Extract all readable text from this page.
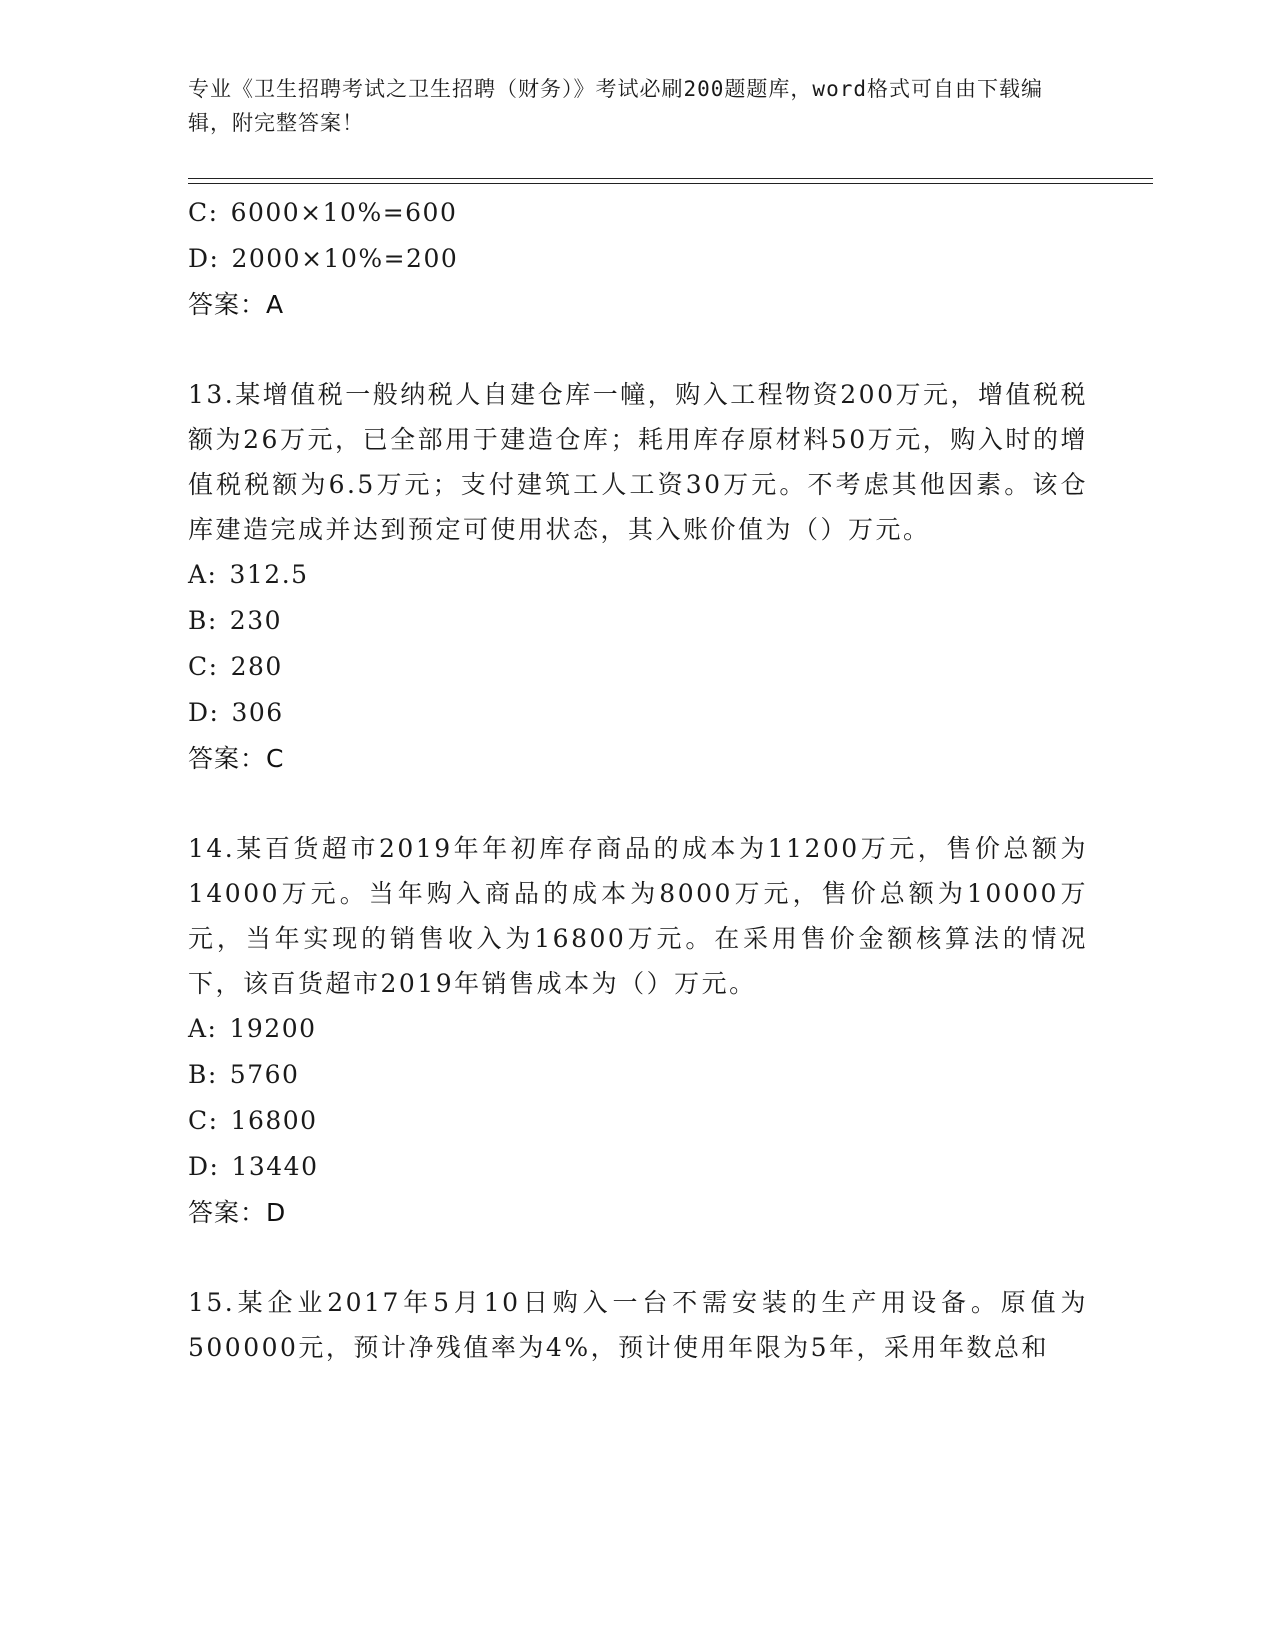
专业《卫生招聘考试之卫生招聘（财务）》考试必刷200题题库，word格式可自由下载编辑，附完整答案！
C: 6000×10%=600
D: 2000×10%=200
答案：A
13.某增值税一般纳税人自建仓库一幢，购入工程物资200万元，增值税税额为26万元，已全部用于建造仓库；耗用库存原材料50万元，购入时的增值税税额为6.5万元；支付建筑工人工资30万元。不考虑其他因素。该仓库建造完成并达到预定可使用状态，其入账价值为（）万元。
A: 312.5
B: 230
C: 280
D: 306
答案：C
14.某百货超市2019年年初库存商品的成本为11200万元，售价总额为14000万元。当年购入商品的成本为8000万元，售价总额为10000万元，当年实现的销售收入为16800万元。在采用售价金额核算法的情况下，该百货超市2019年销售成本为（）万元。
A: 19200
B: 5760
C: 16800
D: 13440
答案：D
15.某企业2017年5月10日购入一台不需安装的生产用设备。原值为500000元，预计净残值率为4%，预计使用年限为5年，采用年数总和
